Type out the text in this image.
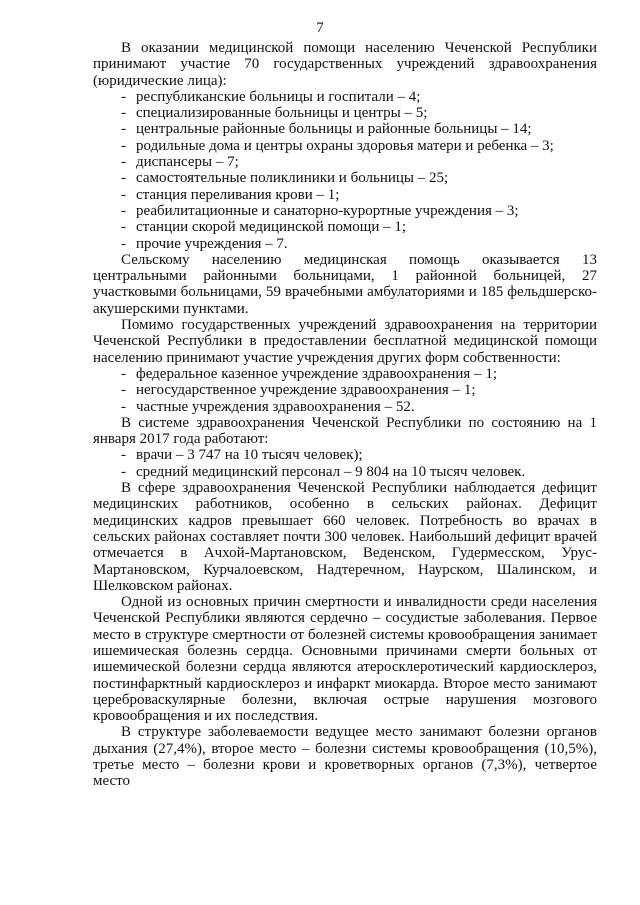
7

В оказании медицинской помощи населению Чеченской Республики принимают участие 70 государственных учреждений здравоохранения (юридические лица):

- республиканские больницы и госпитали – 4;
- специализированные больницы и центры – 5;
- центральные районные больницы и районные больницы – 14;
- родильные дома и центры охраны здоровья матери и ребенка – 3;
- диспансеры – 7;
- самостоятельные поликлиники и больницы – 25;
- станция переливания крови – 1;
- реабилитационные и санаторно-курортные учреждения – 3;
- станции скорой медицинской помощи – 1;
- прочие учреждения – 7.

Сельскому населению медицинская помощь оказывается 13 центральными районными больницами, 1 районной больницей, 27 участковыми больницами, 59 врачебными амбулаториями и 185 фельдшерско-акушерскими пунктами.

Помимо государственных учреждений здравоохранения на территории Чеченской Республики в предоставлении бесплатной медицинской помощи населению принимают участие учреждения других форм собственности:

- федеральное казенное учреждение здравоохранения – 1;
- негосударственное учреждение здравоохранения – 1;
- частные учреждения здравоохранения – 52.

В системе здравоохранения Чеченской Республики по состоянию на 1 января 2017 года работают:

- врачи – 3 747 на 10 тысяч человек);
- средний медицинский персонал – 9 804 на 10 тысяч человек.

В сфере здравоохранения Чеченской Республики наблюдается дефицит медицинских работников, особенно в сельских районах. Дефицит медицинских кадров превышает 660 человек. Потребность во врачах в сельских районах составляет почти 300 человек. Наибольший дефицит врачей отмечается в Ачхой-Мартановском, Веденском, Гудермесском, Урус-Мартановском, Курчалоевском, Надтеречном, Наурском, Шалинском, и Шелковском районах.

Одной из основных причин смертности и инвалидности среди населения Чеченской Республики являются сердечно – сосудистые заболевания. Первое место в структуре смертности от болезней системы кровообращения занимает ишемическая болезнь сердца. Основными причинами смерти больных от ишемической болезни сердца являются атеросклеротический кардиосклероз, постинфарктный кардиосклероз и инфаркт миокарда. Второе место занимают цереброваскулярные болезни, включая острые нарушения мозгового кровообращения и их последствия.

В структуре заболеваемости ведущее место занимают болезни органов дыхания (27,4%), второе место – болезни системы кровообращения (10,5%), третье место – болезни крови и кроветворных органов (7,3%), четвертое место
